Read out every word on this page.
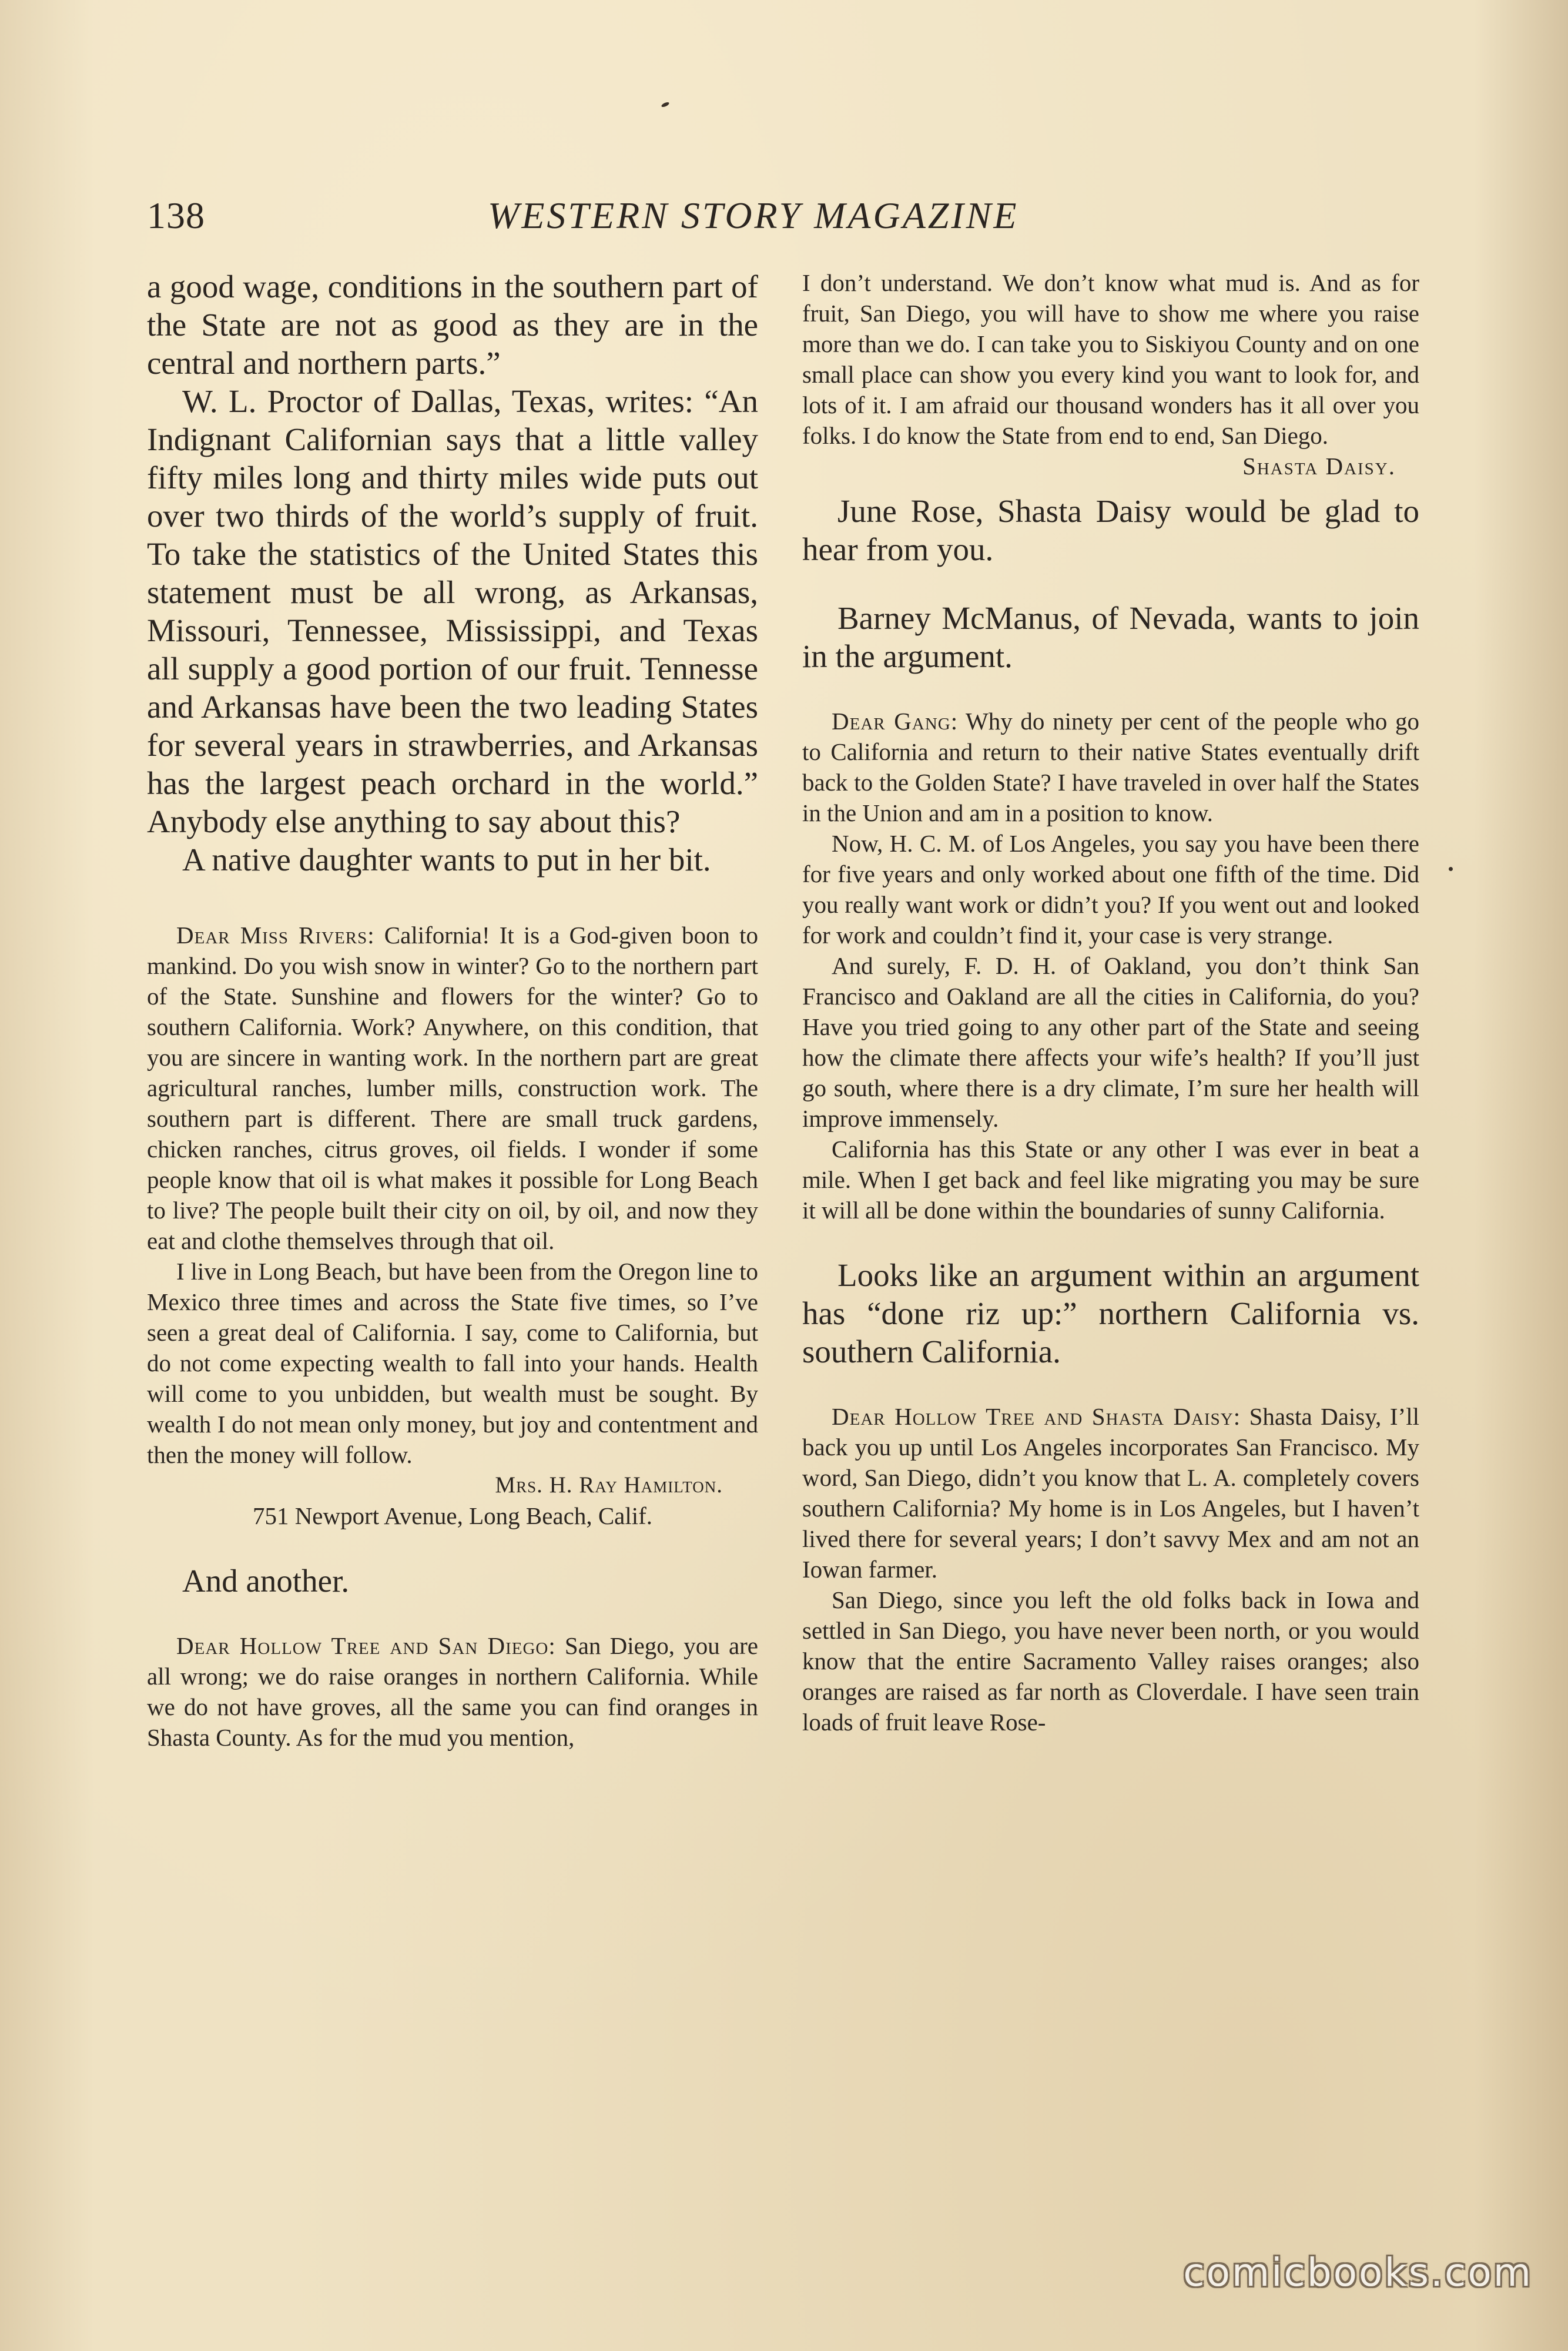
138	WESTERN STORY MAGAZINE

a good wage, conditions in the southern part of the State are not as good as they are in the central and northern parts.”

W. L. Proctor of Dallas, Texas, writes: “An Indignant Californian says that a little valley fifty miles long and thirty miles wide puts out over two thirds of the world’s supply of fruit. To take the statistics of the United States this statement must be all wrong, as Arkansas, Missouri, Tennessee, Mississippi, and Texas all supply a good portion of our fruit. Tennesse and Arkansas have been the two leading States for several years in strawberries, and Arkansas has the largest peach orchard in the world.” Anybody else anything to say about this?

A native daughter wants to put in her bit.

Dear Miss Rivers: California! It is a God-given boon to mankind. Do you wish snow in winter? Go to the northern part of the State. Sunshine and flowers for the winter? Go to southern California. Work? Anywhere, on this condition, that you are sincere in wanting work. In the northern part are great agricultural ranches, lumber mills, construction work. The southern part is different. There are small truck gardens, chicken ranches, citrus groves, oil fields. I wonder if some people know that oil is what makes it possible for Long Beach to live? The people built their city on oil, by oil, and now they eat and clothe themselves through that oil.

I live in Long Beach, but have been from the Oregon line to Mexico three times and across the State five times, so I’ve seen a great deal of California. I say, come to California, but do not come expecting wealth to fall into your hands. Health will come to you unbidden, but wealth must be sought. By wealth I do not mean only money, but joy and contentment and then the money will follow.

Mrs. H. Ray Hamilton.

751 Newport Avenue, Long Beach, Calif.

And another.

Dear Hollow Tree and San Diego: San Diego, you are all wrong; we do raise oranges in northern California. While we do not have groves, all the same you can find oranges in Shasta County. As for the mud you mention,

I don’t understand. We don’t know what mud is. And as for fruit, San Diego, you will have to show me where you raise more than we do. I can take you to Siskiyou County and on one small place can show you every kind you want to look for, and lots of it. I am afraid our thousand wonders has it all over you folks. I do know the State from end to end, San Diego.
Shasta Daisy.

June Rose, Shasta Daisy would be glad to hear from you.

Barney McManus, of Nevada, wants to join in the argument.

Dear Gang: Why do ninety per cent of the people who go to California and return to their native States eventually drift back to the Golden State? I have traveled in over half the States in the Union and am in a position to know.

Now, H. C. M. of Los Angeles, you say you have been there for five years and only worked about one fifth of the time. Did you really want work or didn’t you? If you went out and looked for work and couldn’t find it, your case is very strange.

And surely, F. D. H. of Oakland, you don’t think San Francisco and Oakland are all the cities in California, do you? Have you tried going to any other part of the State and seeing how the climate there affects your wife’s health? If you’ll just go south, where there is a dry climate, I’m sure her health will improve immensely.

California has this State or any other I was ever in beat a mile. When I get back and feel like migrating you may be sure it will all be done within the boundaries of sunny California.

Looks like an argument within an argument has “done riz up:” northern California vs. southern California.

Dear Hollow Tree and Shasta Daisy: Shasta Daisy, I’ll back you up until Los Angeles incorporates San Francisco. My word, San Diego, didn’t you know that L. A. completely covers southern California? My home is in Los Angeles, but I haven’t lived there for several years; I don’t savvy Mex and am not an Iowan farmer.

San Diego, since you left the old folks back in Iowa and settled in San Diego, you have never been north, or you would know that the entire Sacramento Valley raises oranges; also oranges are raised as far north as Cloverdale. I have seen train loads of fruit leave Rose-

comicbooks.com
